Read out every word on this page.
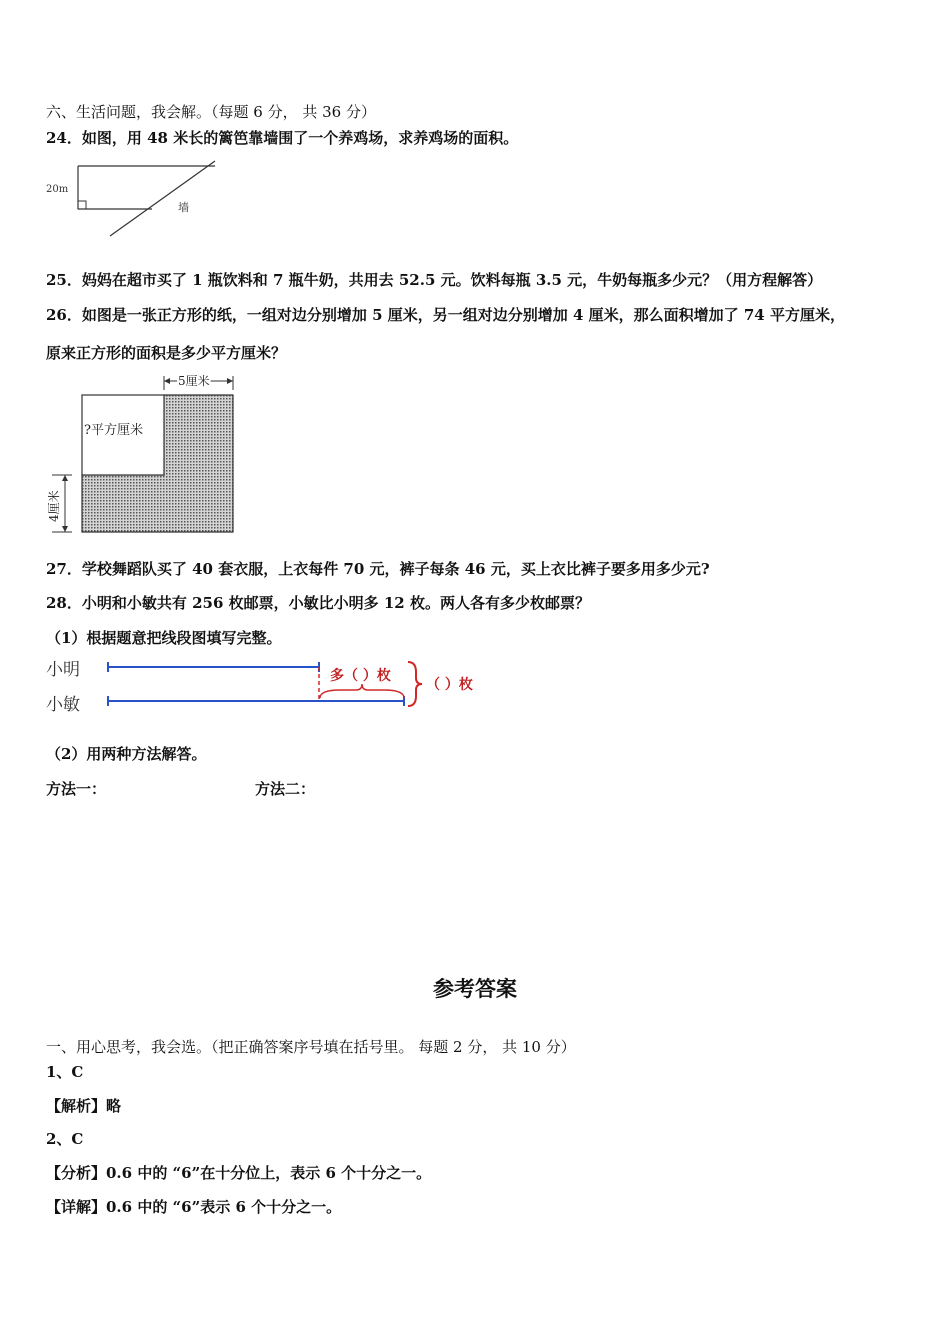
六、生活问题，我会解。（每题 6 分， 共 36 分）
24．如图，用 48 米长的篱笆靠墙围了一个养鸡场，求养鸡场的面积。
20m
墙
25．妈妈在超市买了 1 瓶饮料和 7 瓶牛奶，共用去 52.5 元。饮料每瓶 3.5 元，牛奶每瓶多少元？（用方程解答）
26．如图是一张正方形的纸，一组对边分别增加 5 厘米，另一组对边分别增加 4 厘米，那么面积增加了 74 平方厘米，
原来正方形的面积是多少平方厘米？
5厘米
?平方厘米
4厘米
27．学校舞蹈队买了 40 套衣服，上衣每件 70 元，裤子每条 46 元，买上衣比裤子要多用多少元?
28．小明和小敏共有 256 枚邮票，小敏比小明多 12 枚。两人各有多少枚邮票？
（1）根据题意把线段图填写完整。
小明
小敏
多（ ）枚
（ ）枚
（2）用两种方法解答。
方法一：	方法二：
参考答案
一、用心思考，我会选。（把正确答案序号填在括号里。 每题 2 分， 共 10 分）
1、C
【解析】略
2、C
【分析】0.6 中的 “6”在十分位上，表示 6 个十分之一。
【详解】0.6 中的 “6”表示 6 个十分之一。
